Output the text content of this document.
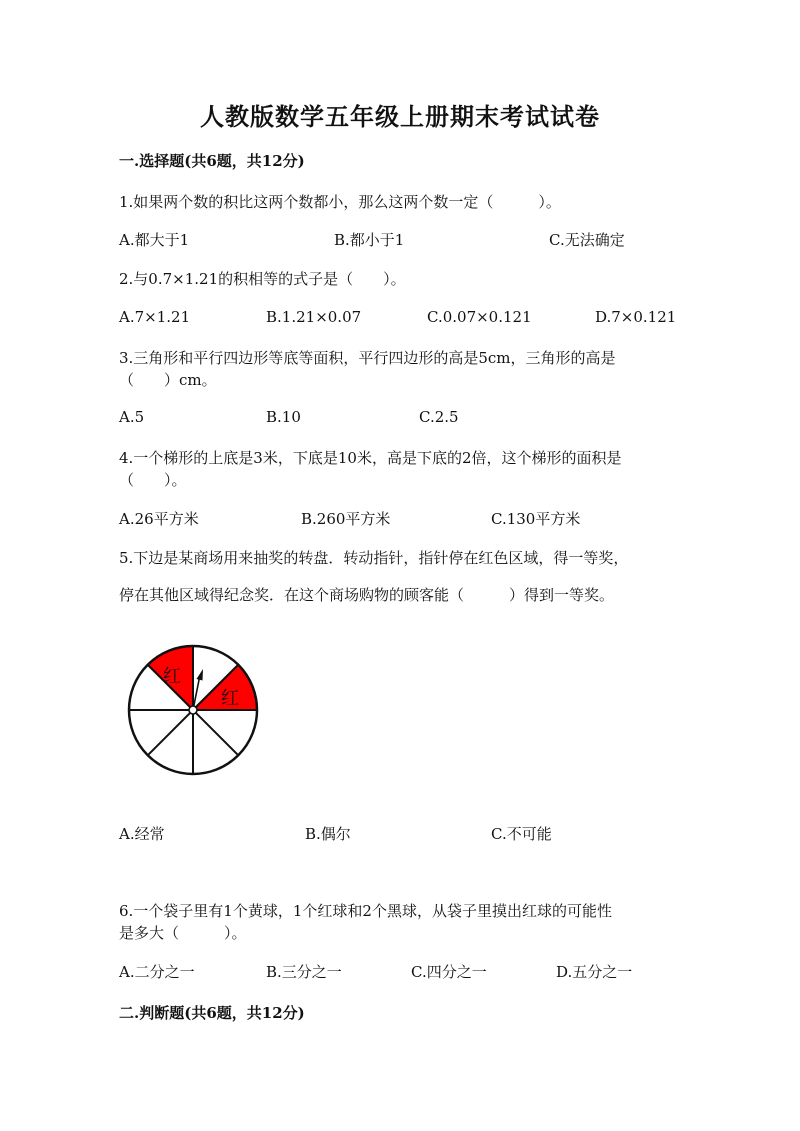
人教版数学五年级上册期末考试试卷
一.选择题(共6题，共12分)
1.如果两个数的积比这两个数都小，那么这两个数一定（　　　）。
A.都大于1	B.都小于1	C.无法确定
2.与0.7×1.21的积相等的式子是（　　）。
A.7×1.21	B.1.21×0.07	C.0.07×0.121	D.7×0.121
3.三角形和平行四边形等底等面积，平行四边形的高是5cm，三角形的高是
（　　）cm。
A.5	B.10	C.2.5
4.一个梯形的上底是3米，下底是10米，高是下底的2倍，这个梯形的面积是
（　　）。
A.26平方米	B.260平方米	C.130平方米
5.下边是某商场用来抽奖的转盘．转动指针，指针停在红色区域，得一等奖，
停在其他区域得纪念奖．在这个商场购物的顾客能（　　　）得到一等奖。
红
红
A.经常	B.偶尔	C.不可能
6.一个袋子里有1个黄球，1个红球和2个黑球，从袋子里摸出红球的可能性
是多大（　　　）。
A.二分之一	B.三分之一	C.四分之一	D.五分之一
二.判断题(共6题，共12分)
